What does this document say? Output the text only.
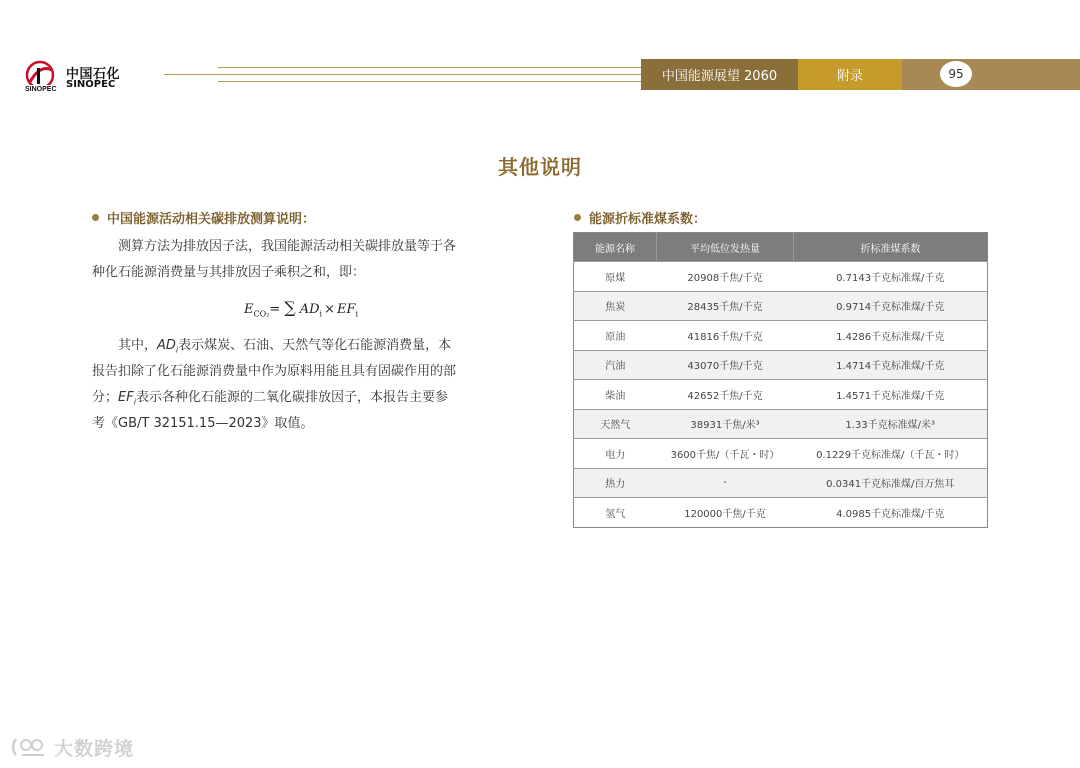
SINOPEC
中国石化
SINOPEC
中国能源展望 2060	附录	95
其他说明
中国能源活动相关碳排放测算说明：
测算方法为排放因子法，我国能源活动相关碳排放量等于各
种化石能源消费量与其排放因子乘积之和，即：
$E_{CO_2}=$ ∑ $AD_i \times EF_i$
其中，$AD_i$表示煤炭、石油、天然气等化石能源消费量，本
报告扣除了化石能源消费量中作为原料用能且具有固碳作用的部
分；$EF_i$表示各种化石能源的二氧化碳排放因子，本报告主要参
考《GB/T 32151.15—2023》取值。
能源折标准煤系数：
能源名称	平均低位发热量	折标准煤系数
原煤	20908千焦/千克	0.7143千克标准煤/千克
焦炭	28435千焦/千克	0.9714千克标准煤/千克
原油	41816千焦/千克	1.4286千克标准煤/千克
汽油	43070千焦/千克	1.4714千克标准煤/千克
柴油	42652千焦/千克	1.4571千克标准煤/千克
天然气	38931千焦/米³	1.33千克标准煤/米³
电力	3600千焦/（千瓦・时）	0.1229千克标准煤/（千瓦・时）
热力	-	0.0341千克标准煤/百万焦耳
氢气	120000千焦/千克	4.0985千克标准煤/千克
大数跨境
